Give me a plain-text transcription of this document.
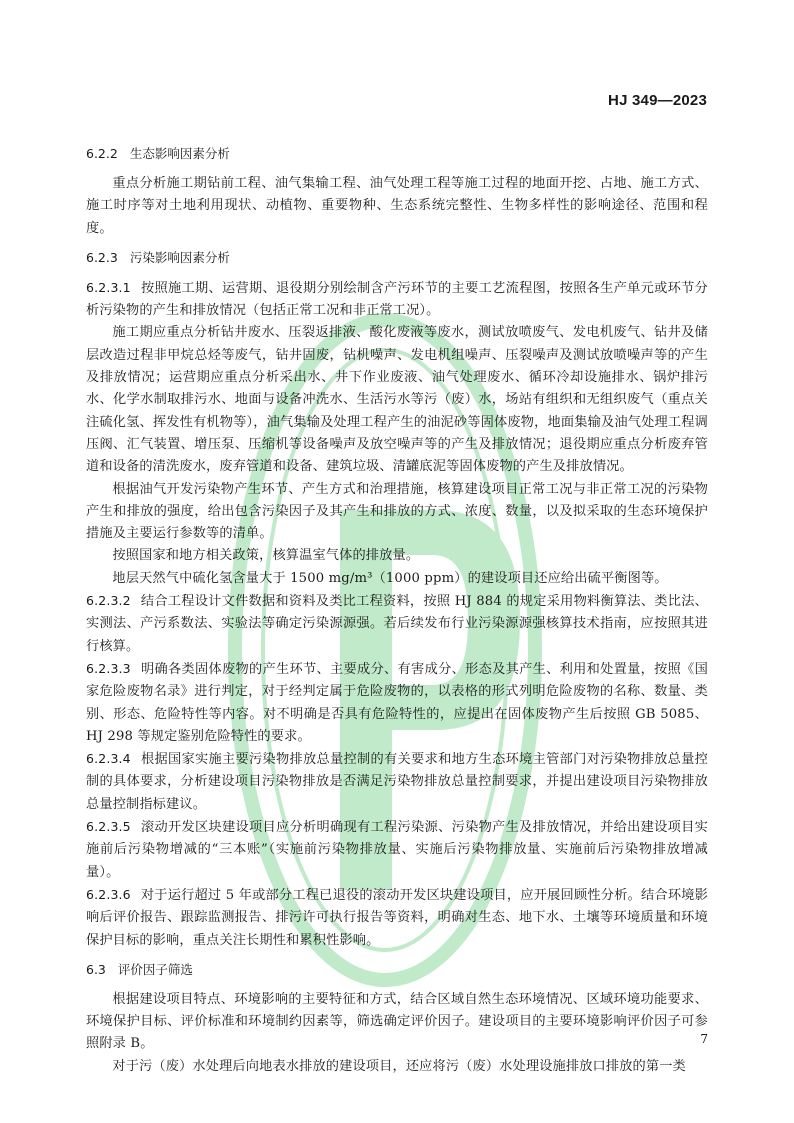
HJ 349—2023
6.2.2 生态影响因素分析

重点分析施工期钻前工程、油气集输工程、油气处理工程等施工过程的地面开挖、占地、施工方式、施工时序等对土地利用现状、动植物、重要物种、生态系统完整性、生物多样性的影响途径、范围和程度。

6.2.3 污染影响因素分析

6.2.3.1 按照施工期、运营期、退役期分别绘制含产污环节的主要工艺流程图，按照各生产单元或环节分析污染物的产生和排放情况（包括正常工况和非正常工况）。

施工期应重点分析钻井废水、压裂返排液、酸化废液等废水，测试放喷废气、发电机废气、钻井及储层改造过程非甲烷总烃等废气，钻井固废，钻机噪声、发电机组噪声、压裂噪声及测试放喷噪声等的产生及排放情况；运营期应重点分析采出水、井下作业废液、油气处理废水、循环冷却设施排水、锅炉排污水、化学水制取排污水、地面与设备冲洗水、生活污水等污（废）水，场站有组织和无组织废气（重点关注硫化氢、挥发性有机物等），油气集输及处理工程产生的油泥砂等固体废物，地面集输及油气处理工程调压阀、汇气装置、增压泵、压缩机等设备噪声及放空噪声等的产生及排放情况；退役期应重点分析废弃管道和设备的清洗废水，废弃管道和设备、建筑垃圾、清罐底泥等固体废物的产生及排放情况。

根据油气开发污染物产生环节、产生方式和治理措施，核算建设项目正常工况与非正常工况的污染物产生和排放的强度，给出包含污染因子及其产生和排放的方式、浓度、数量，以及拟采取的生态环境保护措施及主要运行参数等的清单。

按照国家和地方相关政策，核算温室气体的排放量。

地层天然气中硫化氢含量大于 1500 mg/m³（1000 ppm）的建设项目还应给出硫平衡图等。

6.2.3.2 结合工程设计文件数据和资料及类比工程资料，按照 HJ 884 的规定采用物料衡算法、类比法、实测法、产污系数法、实验法等确定污染源源强。若后续发布行业污染源源强核算技术指南，应按照其进行核算。

6.2.3.3 明确各类固体废物的产生环节、主要成分、有害成分、形态及其产生、利用和处置量，按照《国家危险废物名录》进行判定，对于经判定属于危险废物的，以表格的形式列明危险废物的名称、数量、类别、形态、危险特性等内容。对不明确是否具有危险特性的，应提出在固体废物产生后按照 GB 5085、HJ 298 等规定鉴别危险特性的要求。

6.2.3.4 根据国家实施主要污染物排放总量控制的有关要求和地方生态环境主管部门对污染物排放总量控制的具体要求，分析建设项目污染物排放是否满足污染物排放总量控制要求，并提出建设项目污染物排放总量控制指标建议。

6.2.3.5 滚动开发区块建设项目应分析明确现有工程污染源、污染物产生及排放情况，并给出建设项目实施前后污染物增减的“三本账”（实施前污染物排放量、实施后污染物排放量、实施前后污染物排放增减量）。

6.2.3.6 对于运行超过 5 年或部分工程已退役的滚动开发区块建设项目，应开展回顾性分析。结合环境影响后评价报告、跟踪监测报告、排污许可执行报告等资料，明确对生态、地下水、土壤等环境质量和环境保护目标的影响，重点关注长期性和累积性影响。

6.3 评价因子筛选

根据建设项目特点、环境影响的主要特征和方式，结合区域自然生态环境情况、区域环境功能要求、环境保护目标、评价标准和环境制约因素等，筛选确定评价因子。建设项目的主要环境影响评价因子可参照附录 B。

对于污（废）水处理后向地表水排放的建设项目，还应将污（废）水处理设施排放口排放的第一类

7
